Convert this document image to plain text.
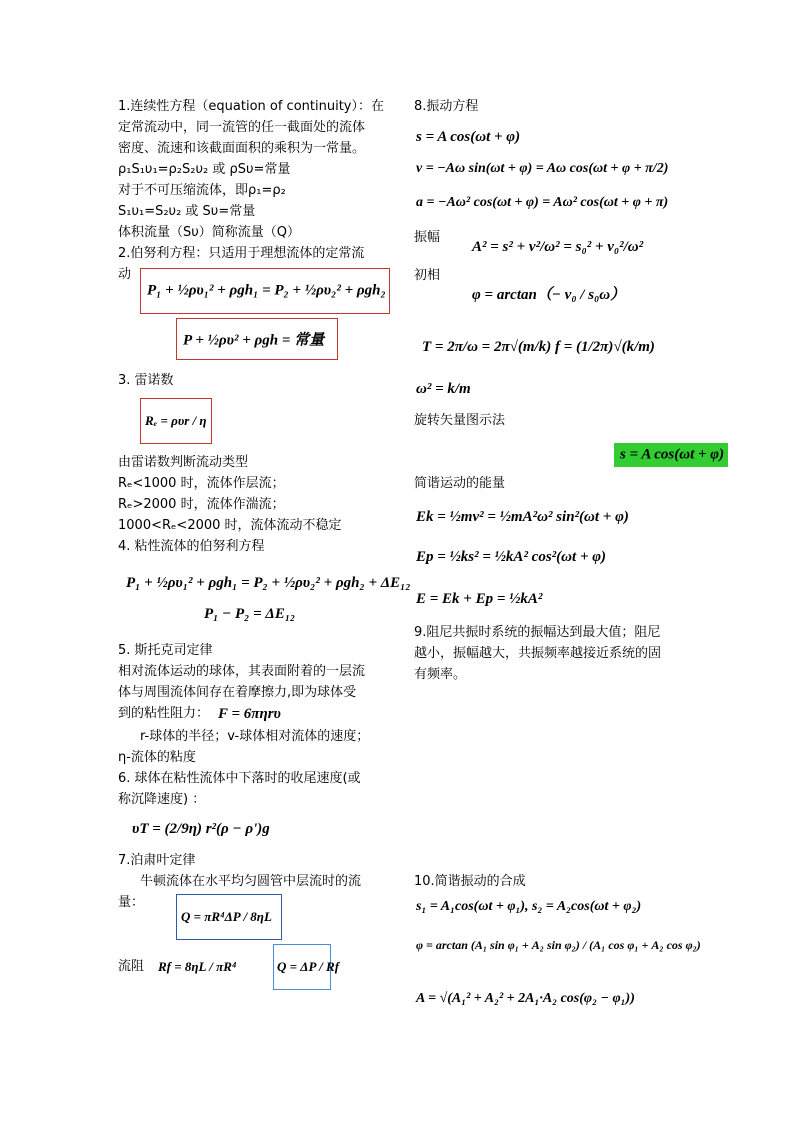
1.连续性方程（equation of continuity）：在
定常流动中，同一流管的任一截面处的流体
密度、流速和该截面面积的乘积为一常量。
ρ₁S₁υ₁=ρ₂S₂υ₂ 或 ρSυ=常量
对于不可压缩流体，即ρ₁=ρ₂
S₁υ₁=S₂υ₂ 或 Sυ=常量
体积流量（Sυ）简称流量（Q）
2.伯努利方程：只适用于理想流体的定常流
动
P₁ + ½ρυ₁² + ρgh₁ = P₂ + ½ρυ₂² + ρgh₂
P + ½ρυ² + ρgh = 常量
3. 雷诺数
Rₑ = ρυr / η
由雷诺数判断流动类型
Rₑ<1000 时，流体作层流；
Rₑ>2000 时，流体作湍流；
1000<Rₑ<2000 时，流体流动不稳定
4. 粘性流体的伯努利方程
P₁ + ½ρυ₁² + ρgh₁ = P₂ + ½ρυ₂² + ρgh₂ + ΔE₁₂
P₁ − P₂ = ΔE₁₂
5. 斯托克司定律
相对流体运动的球体，其表面附着的一层流
体与周围流体间存在着摩擦力,即为球体受
到的粘性阻力： F = 6πηrυ
r-球体的半径；v-球体相对流体的速度；
η-流体的粘度
6. 球体在粘性流体中下落时的收尾速度(或
称沉降速度) ：
υT = (2/9η) r²(ρ − ρ')g
7.泊肃叶定律
牛顿流体在水平均匀圆管中层流时的流
量：
Q = πR⁴ΔP / 8ηL
流阻 Rf = 8ηL / πR⁴	Q = ΔP / Rf
8.振动方程
s = A cos(ωt + φ)
v = −Aω sin(ωt + φ) = Aω cos(ωt + φ + π/2)
a = −Aω² cos(ωt + φ) = Aω² cos(ωt + φ + π)
振幅
A² = s² + v²/ω² = s₀² + v₀²/ω²
初相
φ = arctan（− v₀ / s₀ω）
T = 2π/ω = 2π√(m/k) f = (1/2π)√(k/m)
ω² = k/m
旋转矢量图示法
s = A cos(ωt + φ)
简谐运动的能量
Ek = ½mv² = ½mA²ω² sin²(ωt + φ)
Ep = ½ks² = ½kA² cos²(ωt + φ)
E = Ek + Ep = ½kA²
9.阻尼共振时系统的振幅达到最大值；阻尼
越小，振幅越大，共振频率越接近系统的固
有频率。
10.简谐振动的合成
s₁ = A₁cos(ωt + φ₁), s₂ = A₂cos(ωt + φ₂)
φ = arctan (A₁ sin φ₁ + A₂ sin φ₂) / (A₁ cos φ₁ + A₂ cos φ₂)
A = √(A₁² + A₂² + 2A₁·A₂ cos(φ₂ − φ₁))
